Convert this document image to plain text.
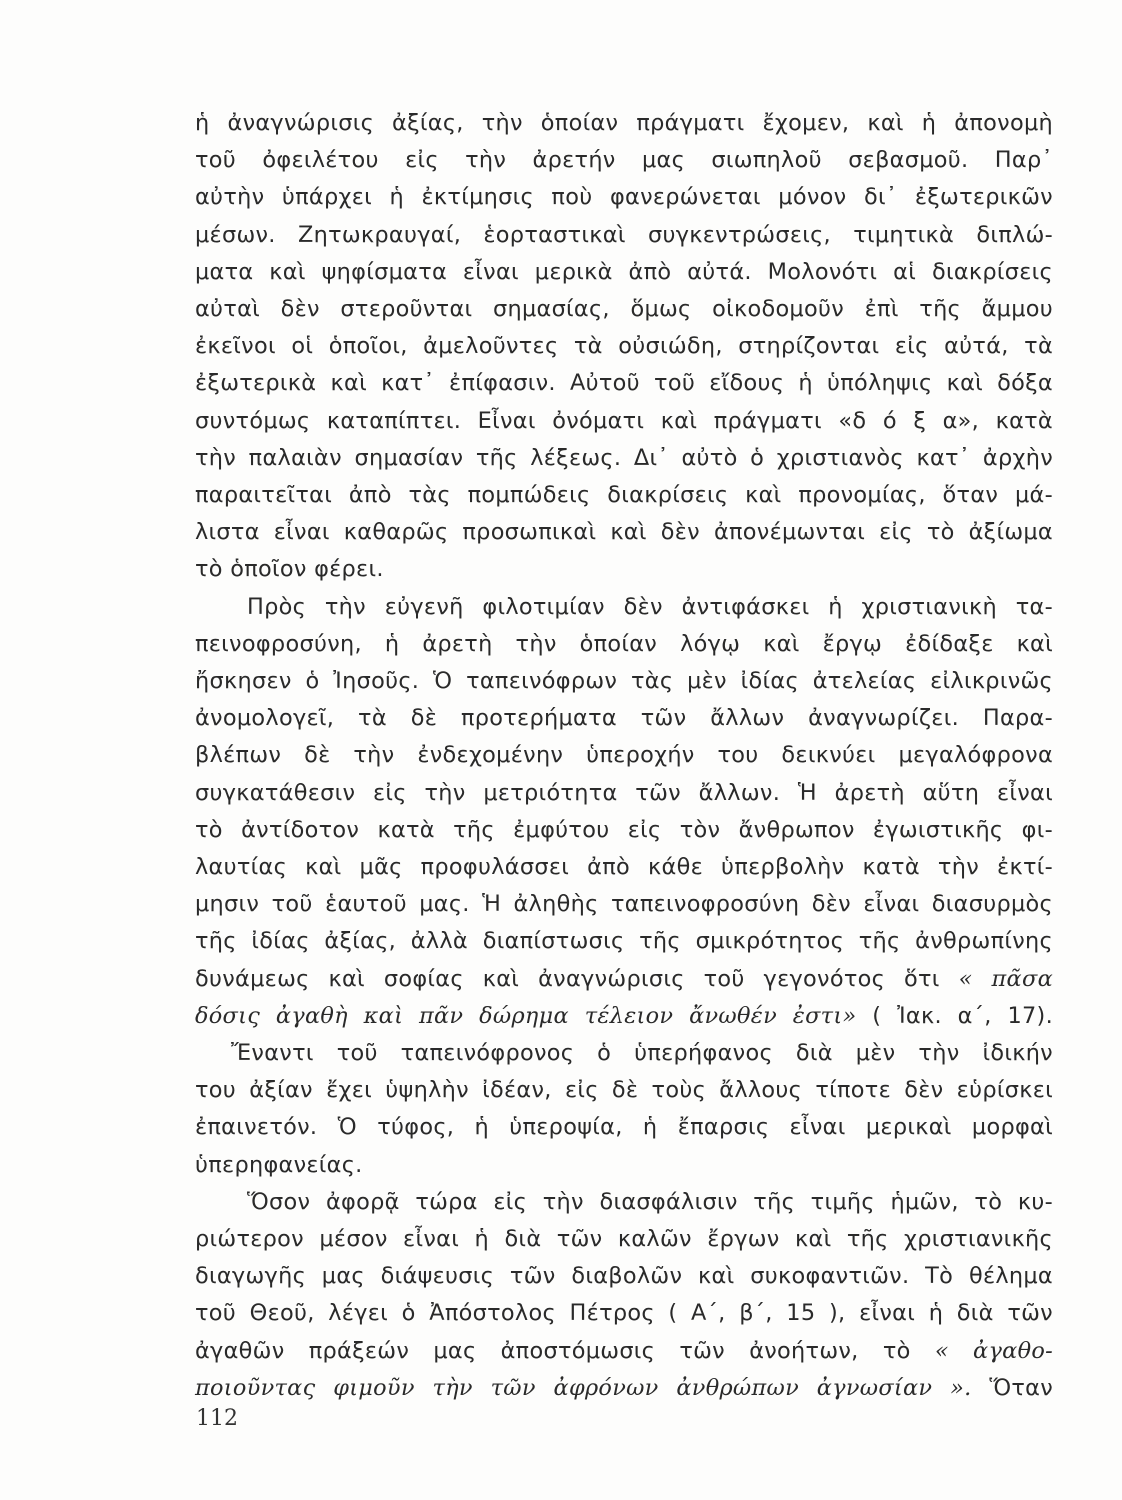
ἡ ἀναγνώρισις ἀξίας, τὴν ὁποίαν πράγματι ἔχομεν, καὶ ἡ ἀπονομὴ
τοῦ ὀφειλέτου εἰς τὴν ἀρετήν μας σιωπηλοῦ σεβασμοῦ. Παρ᾿
αὐτὴν ὑπάρχει ἡ ἐκτίμησις ποὺ φανερώνεται μόνον δι᾿ ἐξωτερικῶν
μέσων. Ζητωκραυγαί, ἑορταστικαὶ συγκεντρώσεις, τιμητικὰ διπλώ-
ματα καὶ ψηφίσματα εἶναι μερικὰ ἀπὸ αὐτά. Μολονότι αἱ διακρίσεις
αὐταὶ δὲν στεροῦνται σημασίας, ὅμως οἰκοδομοῦν ἐπὶ τῆς ἄμμου
ἐκεῖνοι οἱ ὁποῖοι, ἀμελοῦντες τὰ οὐσιώδη, στηρίζονται εἰς αὐτά, τὰ
ἐξωτερικὰ καὶ κατ᾿ ἐπίφασιν. Αὐτοῦ τοῦ εἴδους ἡ ὑπόληψις καὶ δόξα
συντόμως καταπίπτει. Εἶναι ὀνόματι καὶ πράγματι «δ ό ξ α», κατὰ
τὴν παλαιὰν σημασίαν τῆς λέξεως. Δι᾿ αὐτὸ ὁ χριστιανὸς κατ᾿ ἀρχὴν
παραιτεῖται ἀπὸ τὰς πομπώδεις διακρίσεις καὶ προνομίας, ὅταν μά-
λιστα εἶναι καθαρῶς προσωπικαὶ καὶ δὲν ἀπονέμωνται εἰς τὸ ἀξίωμα
τὸ ὁποῖον φέρει.
Πρὸς τὴν εὐγενῆ φιλοτιμίαν δὲν ἀντιφάσκει ἡ χριστιανικὴ τα-
πεινοφροσύνη, ἡ ἀρετὴ τὴν ὁποίαν λόγῳ καὶ ἔργῳ ἐδίδαξε καὶ
ἤσκησεν ὁ Ἰησοῦς. Ὁ ταπεινόφρων τὰς μὲν ἰδίας ἀτελείας εἰλικρινῶς
ἀνομολογεῖ, τὰ δὲ προτερήματα τῶν ἄλλων ἀναγνωρίζει. Παρα-
βλέπων δὲ τὴν ἐνδεχομένην ὑπεροχήν του δεικνύει μεγαλόφρονα
συγκατάθεσιν εἰς τὴν μετριότητα τῶν ἄλλων. Ἡ ἀρετὴ αὕτη εἶναι
τὸ ἀντίδοτον κατὰ τῆς ἐμφύτου εἰς τὸν ἄνθρωπον ἐγωιστικῆς φι-
λαυτίας καὶ μᾶς προφυλάσσει ἀπὸ κάθε ὑπερβολὴν κατὰ τὴν ἐκτί-
μησιν τοῦ ἑαυτοῦ μας. Ἡ ἀληθὴς ταπεινοφροσύνη δὲν εἶναι διασυρμὸς
τῆς ἰδίας ἀξίας, ἀλλὰ διαπίστωσις τῆς σμικρότητος τῆς ἀνθρωπίνης
δυνάμεως καὶ σοφίας καὶ ἀναγνώρισις τοῦ γεγονότος ὅτι « πᾶσα
δόσις ἀγαθὴ καὶ πᾶν δώρημα τέλειον ἄνωθέν ἐστι» ( Ἰακ. α΄, 17).
Ἔναντι τοῦ ταπεινόφρονος ὁ ὑπερήφανος διὰ μὲν τὴν ἰδικήν
του ἀξίαν ἔχει ὑψηλὴν ἰδέαν, εἰς δὲ τοὺς ἄλλους τίποτε δὲν εὑρίσκει
ἐπαινετόν. Ὁ τύφος, ἡ ὑπεροψία, ἡ ἔπαρσις εἶναι μερικαὶ μορφαὶ
ὑπερηφανείας.
Ὅσον ἀφορᾷ τώρα εἰς τὴν διασφάλισιν τῆς τιμῆς ἡμῶν, τὸ κυ-
ριώτερον μέσον εἶναι ἡ διὰ τῶν καλῶν ἔργων καὶ τῆς χριστιανικῆς
διαγωγῆς μας διάψευσις τῶν διαβολῶν καὶ συκοφαντιῶν. Τὸ θέλημα
τοῦ Θεοῦ, λέγει ὁ Ἀπόστολος Πέτρος ( Α΄, β΄, 15 ), εἶναι ἡ διὰ τῶν
ἀγαθῶν πράξεών μας ἀποστόμωσις τῶν ἀνοήτων, τὸ « ἀγαθο-
ποιοῦντας φιμοῦν τὴν τῶν ἀφρόνων ἀνθρώπων ἀγνωσίαν ». Ὅταν
112
